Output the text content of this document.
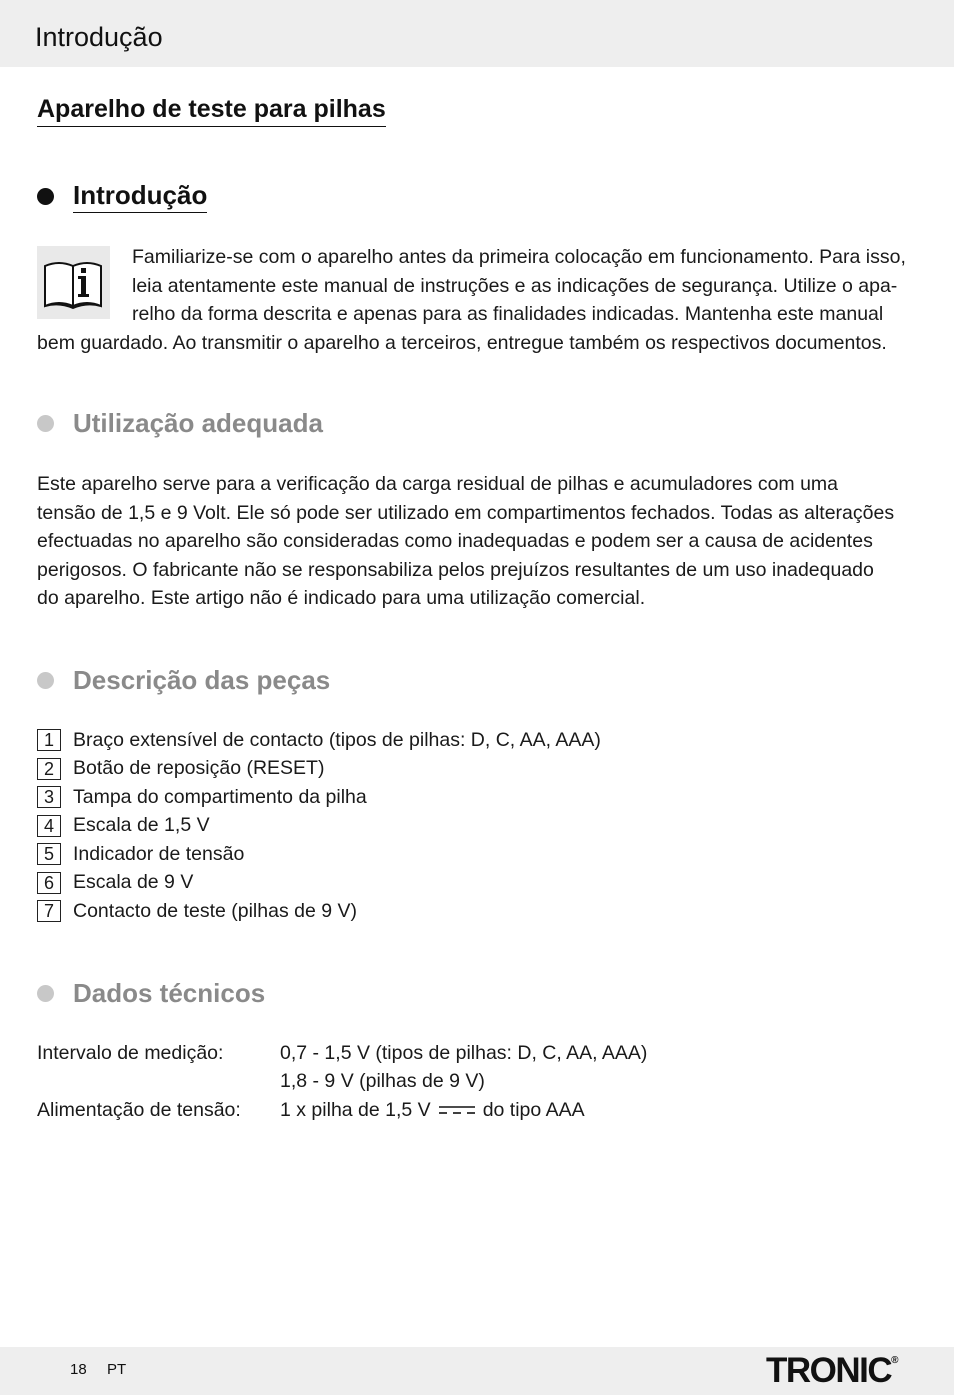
Introdução
Aparelho de teste para pilhas
Introdução
Familiarize-se com o aparelho antes da primeira colocação em funcionamento. Para isso,
leia atentamente este manual de instruções e as indicações de segurança. Utilize o apa-
relho da forma descrita e apenas para as finalidades indicadas. Mantenha este manual
bem guardado. Ao transmitir o aparelho a terceiros, entregue também os respectivos documentos.
Utilização adequada
Este aparelho serve para a verificação da carga residual de pilhas e acumuladores com uma
tensão de 1,5 e 9 Volt. Ele só pode ser utilizado em compartimentos fechados. Todas as alterações
efectuadas no aparelho são consideradas como inadequadas e podem ser a causa de acidentes
perigosos. O fabricante não se responsabiliza pelos prejuízos resultantes de um uso inadequado
do aparelho. Este artigo não é indicado para uma utilização comercial.
Descrição das peças
1 Braço extensível de contacto (tipos de pilhas: D, C, AA, AAA)
2 Botão de reposição (RESET)
3 Tampa do compartimento da pilha
4 Escala de 1,5 V
5 Indicador de tensão
6 Escala de 9 V
7 Contacto de teste (pilhas de 9 V)
Dados técnicos
Intervalo de medição:	0,7 - 1,5 V (tipos de pilhas: D, C, AA, AAA)
1,8 - 9 V (pilhas de 9 V)
Alimentação de tensão:	1 x pilha de 1,5 V	do tipo AAA
18 PT	TRONIC®
